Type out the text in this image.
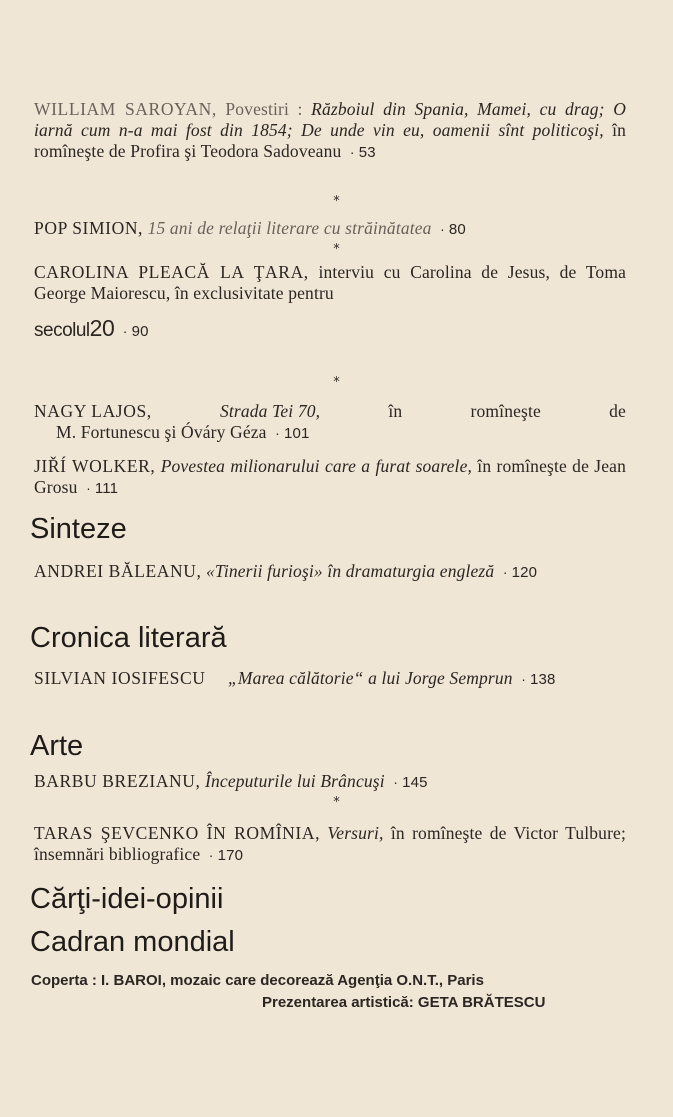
WILLIAM SAROYAN, Povestiri : Războiul din Spania, Mamei, cu drag; O iarnă cum n-a mai fost din 1854; De unde vin eu, oamenii sînt politicoşi, în romîneşte de Profira şi Teodora Sadoveanu · 53
*
POP SIMION, 15 ani de relaţii literare cu străinătatea · 80
*
CAROLINA PLEACĂ LA ŢARA, interviu cu Carolina de Jesus, de Toma George Maiorescu, în exclusivitate pentru
secolul20 · 90
*
NAGY LAJOS,	Strada Tei 70,	în	romîneşte	de
M. Fortunescu şi Óváry Géza · 101
JIŘÍ WOLKER, Povestea milionarului care a furat soarele, în romîneşte de Jean Grosu · 111
Sinteze
ANDREI BĂLEANU, «Tinerii furioşi» în dramaturgia engleză · 120
Cronica literară
SILVIAN IOSIFESCU „Marea călătorie“ a lui Jorge Semprun · 138
Arte
BARBU BREZIANU, Începuturile lui Brâncuşi · 145
*
TARAS ŞEVCENKO ÎN ROMÎNIA, Versuri, în romîneşte de Victor Tulbure; însemnări bibliografice · 170
Cărţi-idei-opinii
Cadran mondial
Coperta : I. BAROI, mozaic care decorează Agenţia O.N.T., Paris
Prezentarea artistică: GETA BRĂTESCU
